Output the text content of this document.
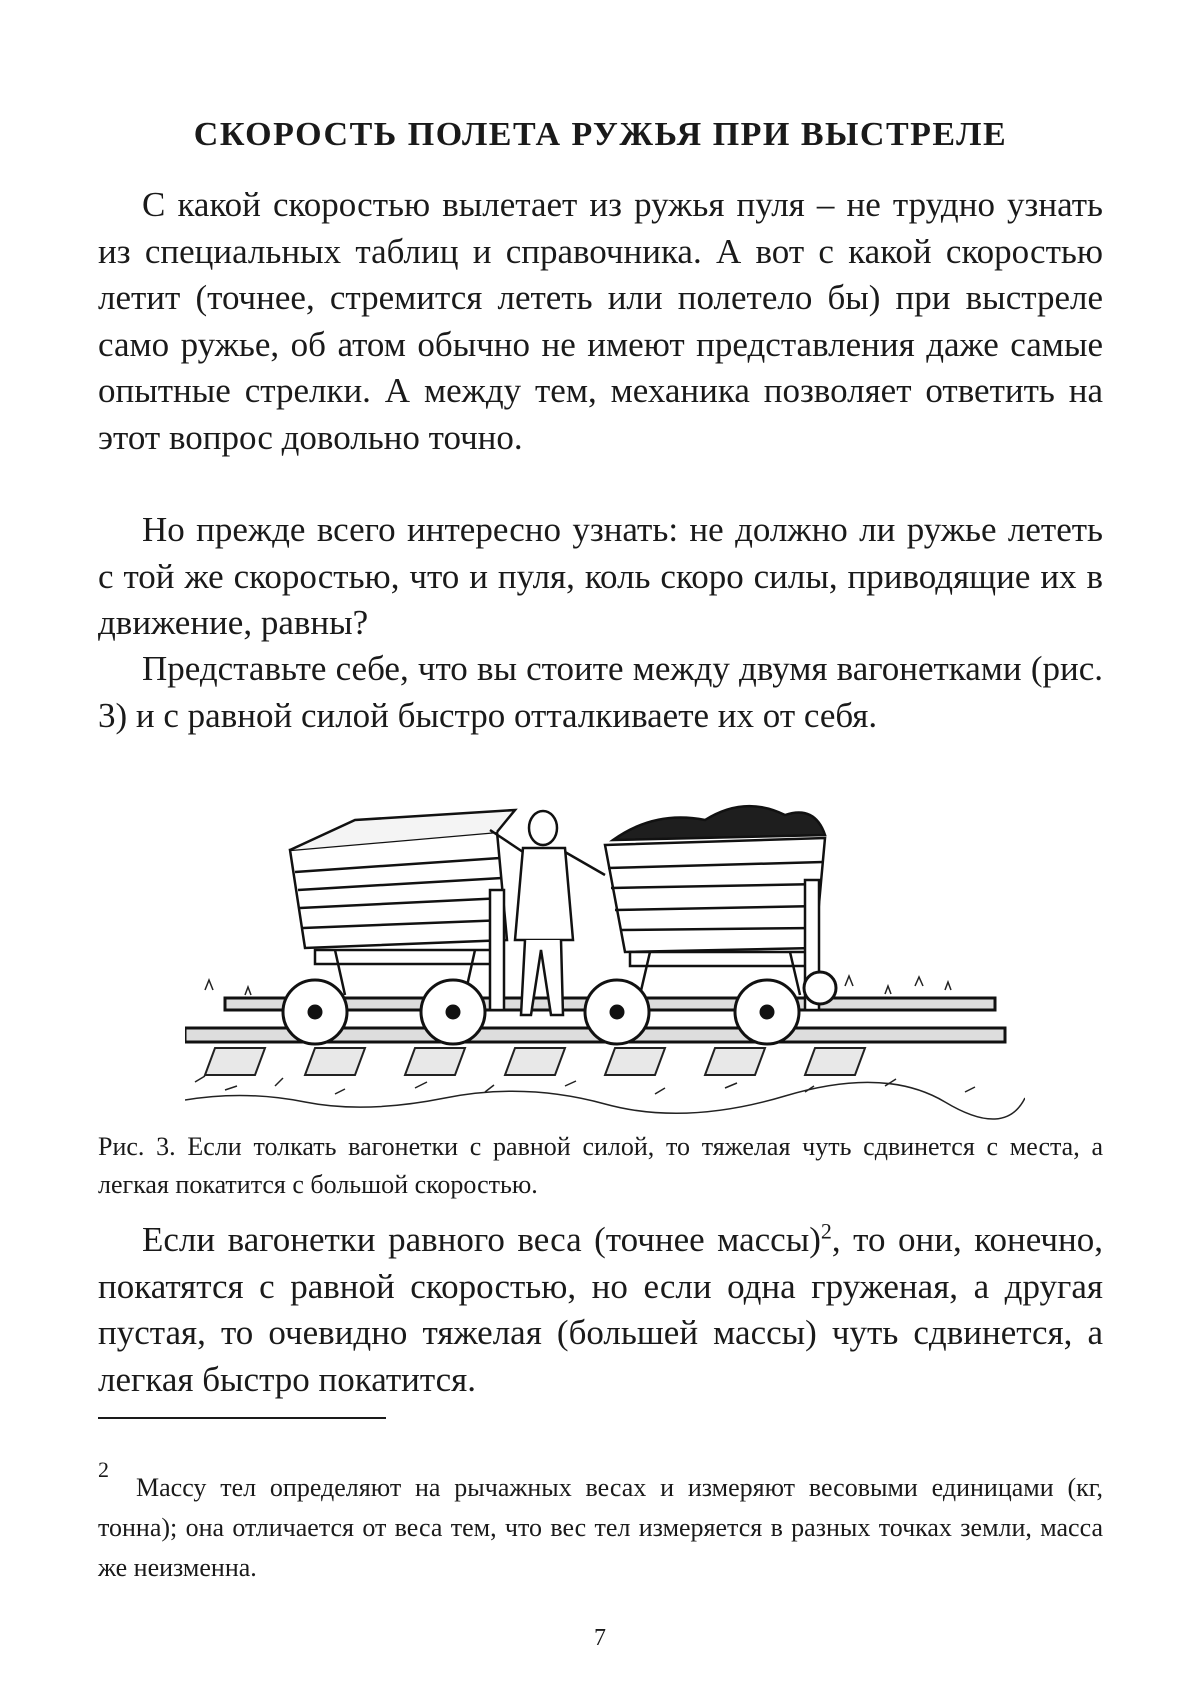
СКОРОСТЬ ПОЛЕТА РУЖЬЯ ПРИ ВЫСТРЕЛЕ

С какой скоростью вылетает из ружья пуля – не трудно узнать из специальных таблиц и справочника. А вот с какой скоростью летит (точнее, стремится лететь или полетело бы) при выстреле само ружье, об атом обычно не имеют представления даже самые опытные стрелки. А между тем, механика позволяет ответить на этот вопрос довольно точно.

Но прежде всего интересно узнать: не должно ли ружье лететь с той же скоростью, что и пуля, коль скоро силы, приводящие их в движение, равны?

Представьте себе, что вы стоите между двумя вагонетками (рис. 3) и с равной силой быстро отталкиваете их от себя.

Рис. 3. Если толкать вагонетки с равной силой, то тяжелая чуть сдвинется с места, а легкая покатится с большой скоростью.

Если вагонетки равного веса (точнее массы)$^2$, то они, конечно, покатятся с равной скоростью, но если одна груженая, а другая пустая, то очевидно тяжелая (большей массы) чуть сдвинется, а легкая быстро покатится.

2

Массу тел определяют на рычажных весах и измеряют весовыми единицами (кг, тонна); она отличается от веса тем, что вес тел измеряется в разных точках земли, масса же неизменна.

7
